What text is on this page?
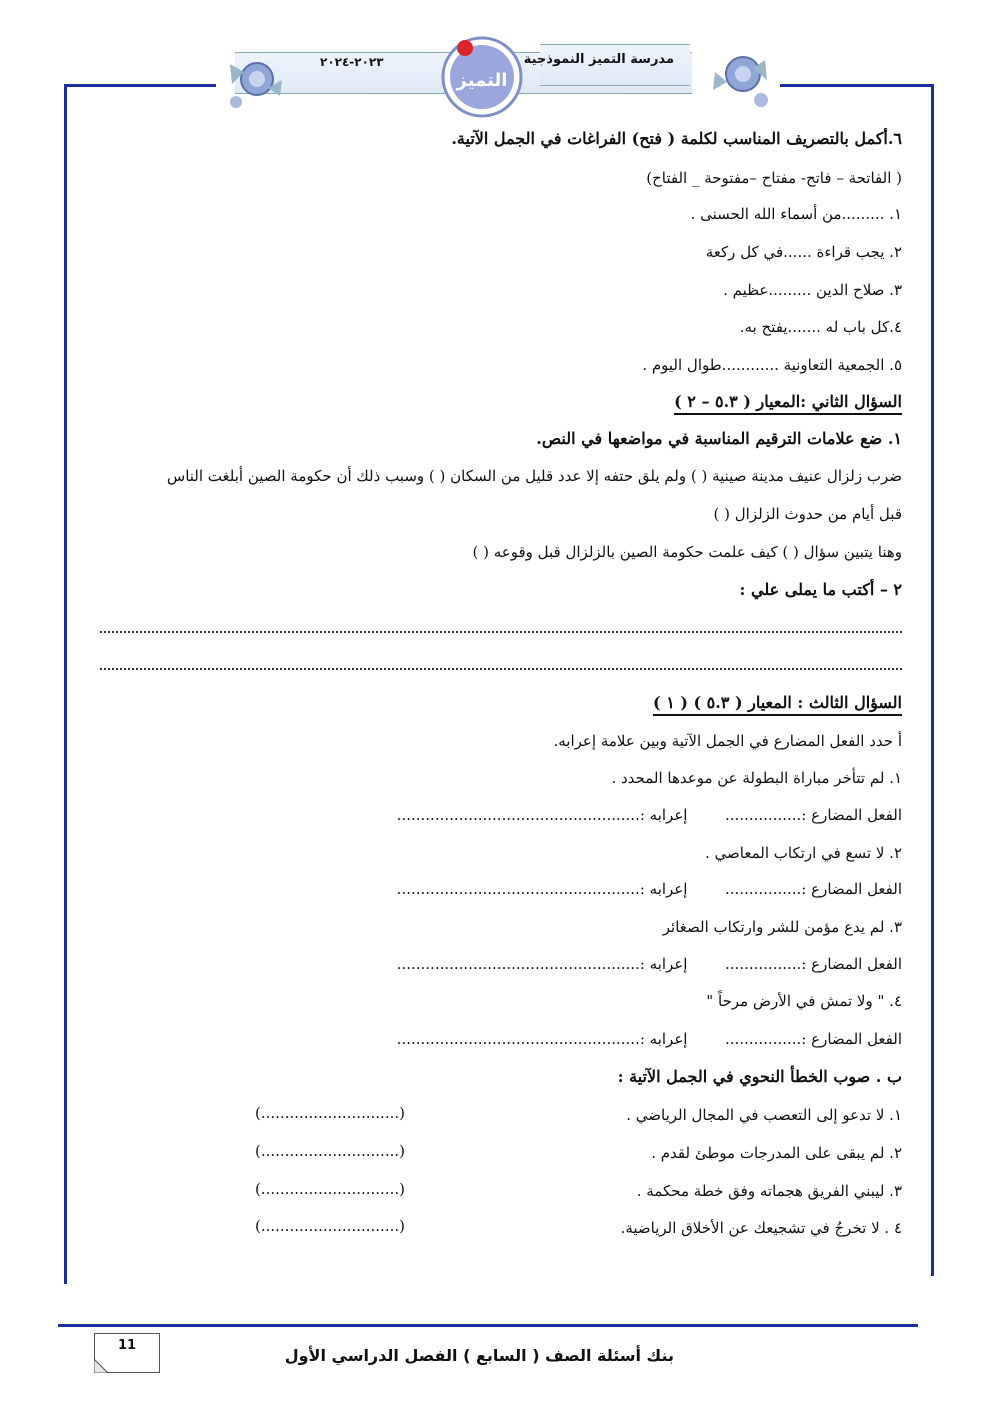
مدرسة التميز النموذجية
٢٠٢٣-٢٠٢٤
التميز
٦.أكمل بالتصريف المناسب لكلمة ( فتح) الفراغات في الجمل الآتية.
( الفاتحة – فاتح- مفتاح –مفتوحة _ الفتاح)
١. .........من أسماء الله الحسنى .
٢. يجب قراءة ......في كل ركعة
٣. صلاح الدين .........عظيم .
٤.كل باب له .......يفتح به.
٥. الجمعية التعاونية ............طوال اليوم .
السؤال الثاني :المعيار ( ٥.٣ – ٢ )
١. ضع علامات الترقيم المناسبة في مواضعها في النص.
ضرب زلزال عنيف مدينة صينية ( ) ولم يلق حتفه إلا عدد قليل من السكان ( ) وسبب ذلك أن حكومة الصين أبلغت الناس
قبل أيام من حدوث الزلزال ( )
وهنا يتبين سؤال ( ) كيف علمت حكومة الصين بالزلزال قبل وقوعه ( )
٢ – أكتب ما يملى علي :
السؤال الثالث : المعيار ( ٥.٣ ) ( ١ )
أ حدد الفعل المضارع في الجمل الآتية وبين علامة إعرابه.
١. لم تتأخر مباراة البطولة عن موعدها المحدد .
الفعل المضارع :................  إعرابه :...................................................
٢. لا تسع في ارتكاب المعاصي .
الفعل المضارع :................  إعرابه :...................................................
٣. لم يدع مؤمن للشر وارتكاب الصغائر
الفعل المضارع :................  إعرابه :...................................................
٤. " ولا تمش في الأرض مرحاً "
الفعل المضارع :................  إعرابه :...................................................
ب . صوب الخطأ النحوي في الجمل الآتية :
١. لا تدعو إلى التعصب في المجال الرياضي .
(.............................)
٢. لم يبقى على المدرجات موطئ لقدم .
(.............................)
٣. ليبني الفريق هجماته وفق خطة محكمة .
(.............................)
٤ . لا تخرجُ في تشجيعك عن الأخلاق الرياضية.
(.............................)
بنك أسئلة الصف ( السابع ) الفصل الدراسي الأول
11
